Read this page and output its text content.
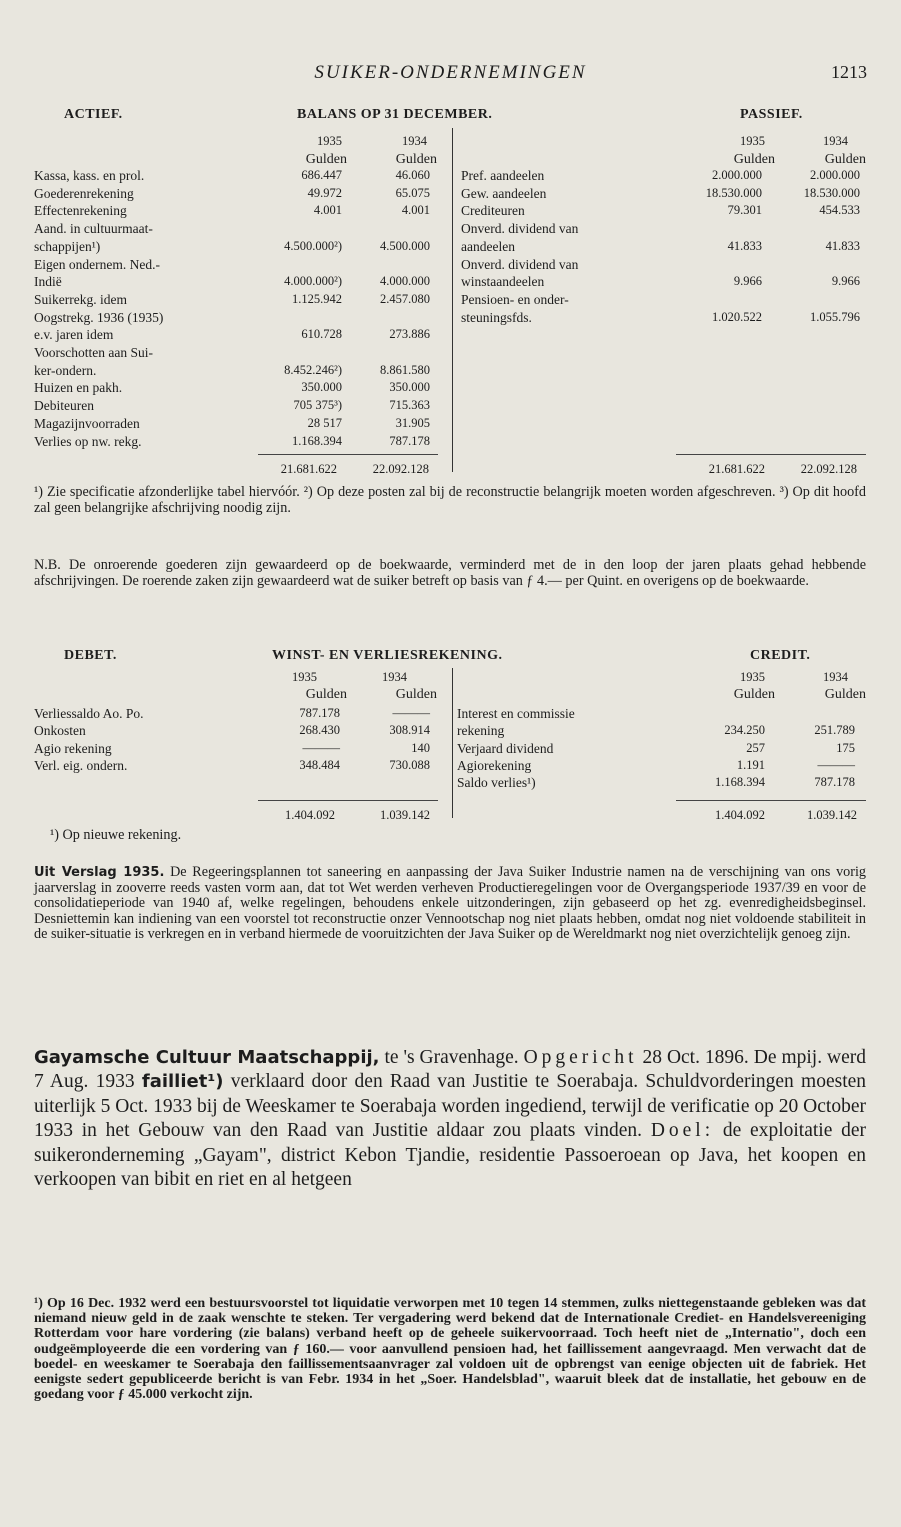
SUIKER-ONDERNEMINGEN	1213
ACTIEF.	BALANS OP 31 DECEMBER.	PASSIEF.
1935	1934
Gulden	Gulden
1935	1934
Gulden	Gulden
Kassa, kass. en prol.	686.447	46.060
Goederenrekening	49.972	65.075
Effectenrekening	4.001	4.001
Aand. in cultuurmaat-
schappijen¹)	4.500.000²)	4.500.000
Eigen ondernem. Ned.-
Indië	4.000.000²)	4.000.000
Suikerrekg. idem	1.125.942	2.457.080
Oogstrekg. 1936 (1935)
e.v. jaren idem	610.728	273.886
Voorschotten aan Sui-
ker-ondern.	8.452.246²)	8.861.580
Huizen en pakh.	350.000	350.000
Debiteuren	705 375³)	715.363
Magazijnvoorraden	28 517	31.905
Verlies op nw. rekg.	1.168.394	787.178
Pref. aandeelen	2.000.000	2.000.000
Gew. aandeelen	18.530.000	18.530.000
Crediteuren	79.301	454.533
Onverd. dividend van
aandeelen	41.833	41.833
Onverd. dividend van
winstaandeelen	9.966	9.966
Pensioen- en onder-
steuningsfds.	1.020.522	1.055.796
21.681.622	22.092.128	21.681.622	22.092.128
¹) Zie specificatie afzonderlijke tabel hiervóór. ²) Op deze posten zal bij de reconstructie belangrijk moeten worden afgeschreven. ³) Op dit hoofd zal geen belangrijke afschrijving noodig zijn.
N.B. De onroerende goederen zijn gewaardeerd op de boekwaarde, verminderd met de in den loop der jaren plaats gehad hebbende afschrijvingen. De roerende zaken zijn gewaardeerd wat de suiker betreft op basis van ƒ 4.— per Quint. en overigens op de boekwaarde.
DEBET.	WINST- EN VERLIESREKENING.	CREDIT.
1935	1934
Gulden	Gulden
1935	1934
Gulden	Gulden
Verliessaldo Ao. Po.	787.178	———
Onkosten	268.430	308.914
Agio rekening	———	140
Verl. eig. ondern.	348.484	730.088
Interest en commissie
rekening	234.250	251.789
Verjaard dividend	257	175
Agiorekening	1.191	———
Saldo verlies¹)	1.168.394	787.178
1.404.092	1.039.142	1.404.092	1.039.142
¹) Op nieuwe rekening.
Uit Verslag 1935. De Regeeringsplannen tot saneering en aanpassing der Java Suiker Industrie namen na de verschijning van ons vorig jaarverslag in zooverre reeds vasten vorm aan, dat tot Wet werden verheven Productieregelingen voor de Overgangsperiode 1937/39 en voor de consolidatieperiode van 1940 af, welke regelingen, behoudens enkele uitzonderingen, zijn gebaseerd op het zg. evenredigheidsbeginsel. Desniettemin kan indiening van een voorstel tot reconstructie onzer Vennootschap nog niet plaats hebben, omdat nog niet voldoende stabiliteit in de suiker-situatie is verkregen en in verband hiermede de vooruitzichten der Java Suiker op de Wereldmarkt nog niet overzichtelijk genoeg zijn.
Gayamsche Cultuur Maatschappij, te 's Gravenhage. Opgericht 28 Oct. 1896. De mpij. werd 7 Aug. 1933 failliet¹) verklaard door den Raad van Justitie te Soerabaja. Schuldvorderingen moesten uiterlijk 5 Oct. 1933 bij de Weeskamer te Soerabaja worden ingediend, terwijl de verificatie op 20 October 1933 in het Gebouw van den Raad van Justitie aldaar zou plaats vinden. Doel: de exploitatie der suikeronderneming „Gayam", district Kebon Tjandie, residentie Passoeroean op Java, het koopen en verkoopen van bibit en riet en al hetgeen
¹) Op 16 Dec. 1932 werd een bestuursvoorstel tot liquidatie verworpen met 10 tegen 14 stemmen, zulks niettegenstaande gebleken was dat niemand nieuw geld in de zaak wenschte te steken. Ter vergadering werd bekend dat de Internationale Crediet- en Handelsvereeniging Rotterdam voor hare vordering (zie balans) verband heeft op de geheele suikervoorraad. Toch heeft niet de „Internatio", doch een oudgeëmployeerde die een vordering van ƒ 160.— voor aanvullend pensioen had, het faillissement aangevraagd. Men verwacht dat de boedel- en weeskamer te Soerabaja den faillissementsaanvrager zal voldoen uit de opbrengst van eenige objecten uit de fabriek. Het eenigste sedert gepubliceerde bericht is van Febr. 1934 in het „Soer. Handelsblad", waaruit bleek dat de installatie, het gebouw en de goedang voor ƒ 45.000 verkocht zijn.
